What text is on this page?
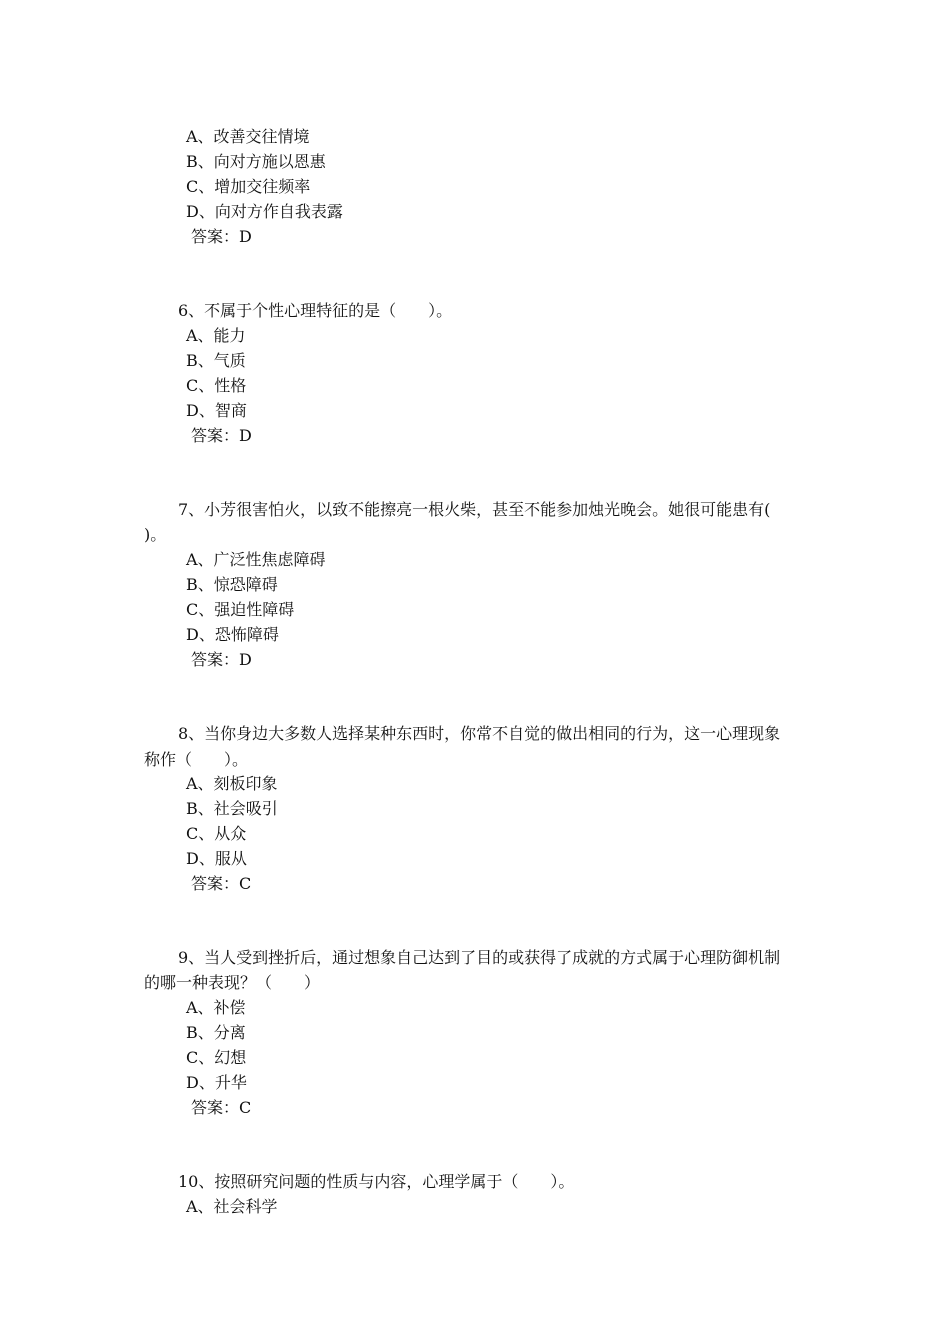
A、改善交往情境
B、向对方施以恩惠
C、增加交往频率
D、向对方作自我表露
答案：D
6、不属于个性心理特征的是（　　）。
A、能力
B、气质
C、性格
D、智商
答案：D
7、小芳很害怕火，以致不能擦亮一根火柴，甚至不能参加烛光晚会。她很可能患有(
)。
A、广泛性焦虑障碍
B、惊恐障碍
C、强迫性障碍
D、恐怖障碍
答案：D
8、当你身边大多数人选择某种东西时，你常不自觉的做出相同的行为，这一心理现象
称作（　　）。
A、刻板印象
B、社会吸引
C、从众
D、服从
答案：C
9、当人受到挫折后，通过想象自己达到了目的或获得了成就的方式属于心理防御机制
的哪一种表现？（　　）
A、补偿
B、分离
C、幻想
D、升华
答案：C
10、按照研究问题的性质与内容，心理学属于（　　）。
A、社会科学
